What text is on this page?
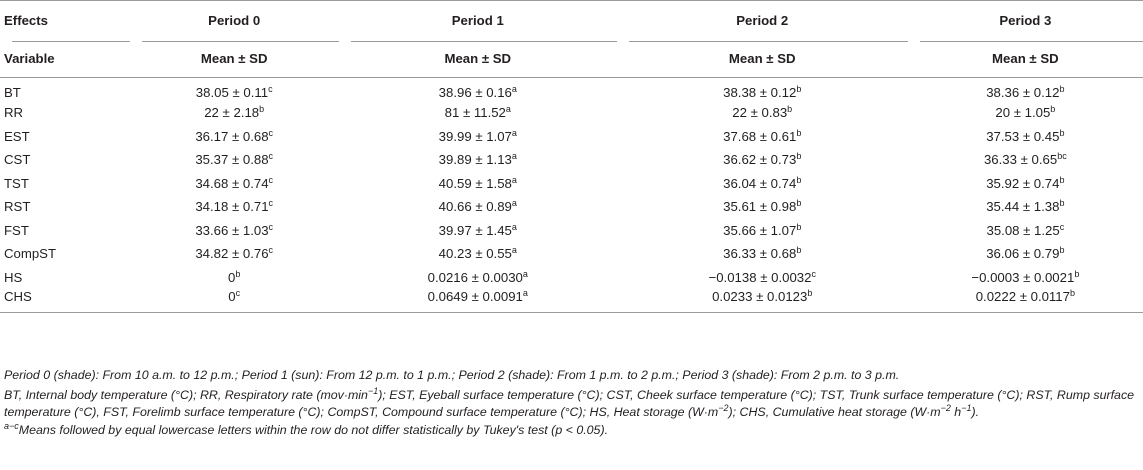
Effects	Period 0	Period 1	Period 2	Period 3
Variable	Mean ± SD	Mean ± SD	Mean ± SD	Mean ± SD
BT	38.05 ± 0.11$^c$	38.96 ± 0.16$^a$	38.38 ± 0.12$^b$	38.36 ± 0.12$^b$
RR	22 ± 2.18$^b$	81 ± 11.52$^a$	22 ± 0.83$^b$	20 ± 1.05$^b$
EST	36.17 ± 0.68$^c$	39.99 ± 1.07$^a$	37.68 ± 0.61$^b$	37.53 ± 0.45$^b$
CST	35.37 ± 0.88$^c$	39.89 ± 1.13$^a$	36.62 ± 0.73$^b$	36.33 ± 0.65$^{bc}$
TST	34.68 ± 0.74$^c$	40.59 ± 1.58$^a$	36.04 ± 0.74$^b$	35.92 ± 0.74$^b$
RST	34.18 ± 0.71$^c$	40.66 ± 0.89$^a$	35.61 ± 0.98$^b$	35.44 ± 1.38$^b$
FST	33.66 ± 1.03$^c$	39.97 ± 1.45$^a$	35.66 ± 1.07$^b$	35.08 ± 1.25$^c$
CompST	34.82 ± 0.76$^c$	40.23 ± 0.55$^a$	36.33 ± 0.68$^b$	36.06 ± 0.79$^b$
HS	0$^b$	0.0216 ± 0.0030$^a$	−0.0138 ± 0.0032$^c$	−0.0003 ± 0.0021$^b$
CHS	0$^c$	0.0649 ± 0.0091$^a$	0.0233 ± 0.0123$^b$	0.0222 ± 0.0117$^b$

Period 0 (shade): From 10 a.m. to 12 p.m.; Period 1 (sun): From 12 p.m. to 1 p.m.; Period 2 (shade): From 1 p.m. to 2 p.m.; Period 3 (shade): From 2 p.m. to 3 p.m.

BT, Internal body temperature (°C); RR, Respiratory rate $(mov\cdot\min^{-1})$; EST, Eyeball surface temperature (°C); CST, Cheek surface temperature (°C); TST, Trunk surface temperature (°C); RST, Rump surface temperature (°C), FST, Forelimb surface temperature (°C); CompST, Compound surface temperature (°C); HS, Heat storage $(W\cdot m^{-2})$; CHS, Cumulative heat storage ($W\cdot m^{-2}$ $h^{-1}$).

$^{a-c}$Means followed by equal lowercase letters within the row do not differ statistically by Tukey's test (p < 0.05).
